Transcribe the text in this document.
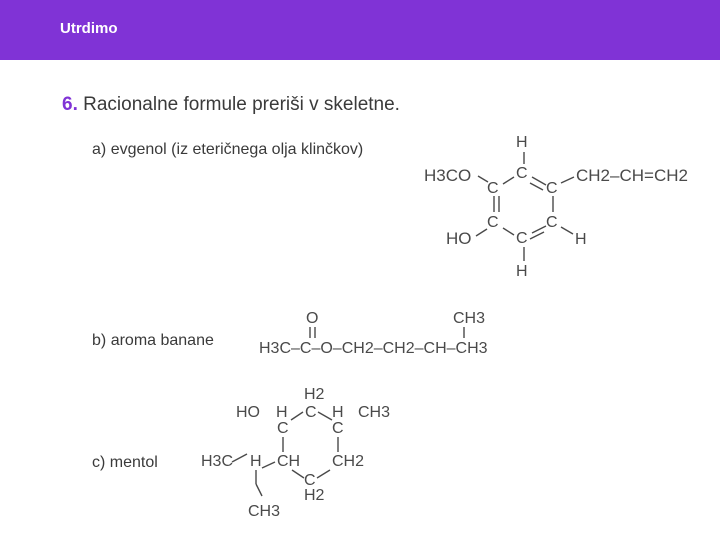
Utrdimo
6. Racionalne formule preriši v skeletne.
a) evgenol (iz eteričnega olja klinčkov)
b) aroma banane
c) mentol
H
H3CO
C
C
C
CH2–CH=CH2
C	C
HO	C	H
H
O	CH3
H3C–C–O–CH2–CH2–CH–CH3
H2
HO H C H CH3
C	C
H3C H CH CH2
C
H2
CH3
